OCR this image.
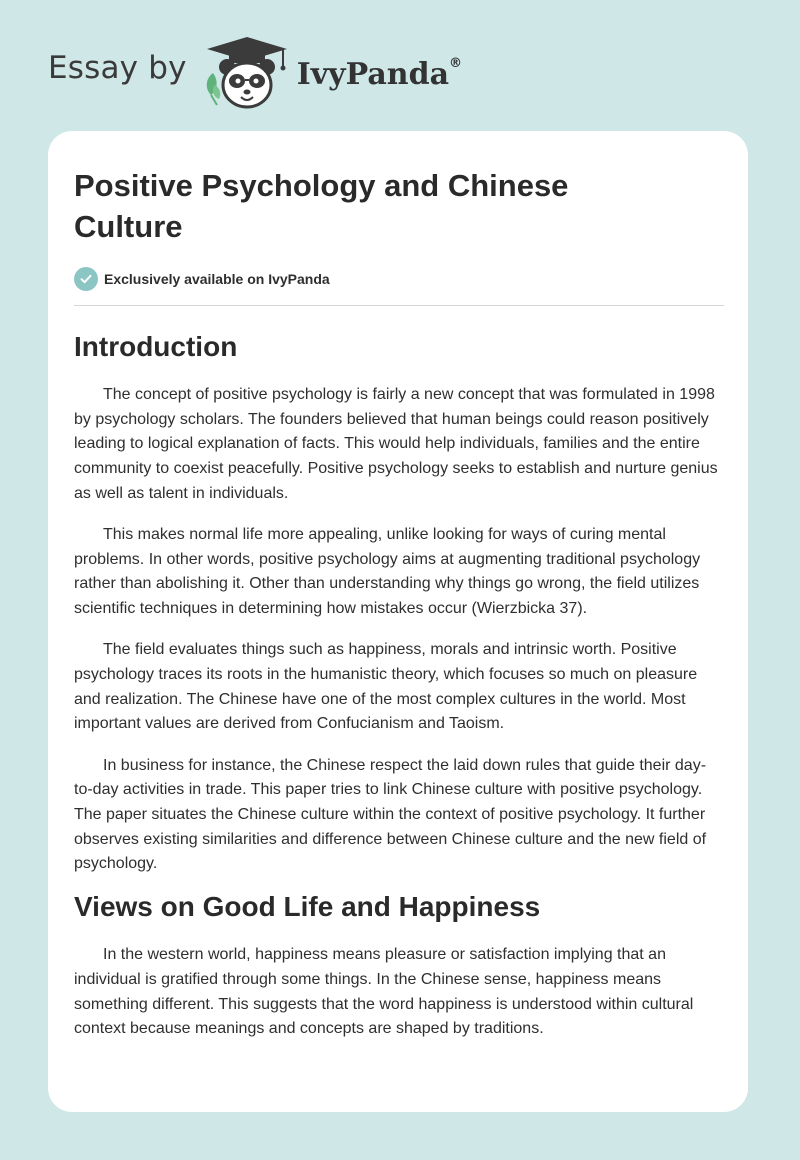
Essay by	IvyPanda®
Positive Psychology and Chinese Culture
Exclusively available on IvyPanda
Introduction

The concept of positive psychology is fairly a new concept that was formulated in 1998 by psychology scholars. The founders believed that human beings could reason positively leading to logical explanation of facts. This would help individuals, families and the entire community to coexist peacefully. Positive psychology seeks to establish and nurture genius as well as talent in individuals.

This makes normal life more appealing, unlike looking for ways of curing mental problems. In other words, positive psychology aims at augmenting traditional psychology rather than abolishing it. Other than understanding why things go wrong, the field utilizes scientific techniques in determining how mistakes occur (Wierzbicka 37).

The field evaluates things such as happiness, morals and intrinsic worth. Positive psychology traces its roots in the humanistic theory, which focuses so much on pleasure and realization. The Chinese have one of the most complex cultures in the world. Most important values are derived from Confucianism and Taoism.

In business for instance, the Chinese respect the laid down rules that guide their day-to-day activities in trade. This paper tries to link Chinese culture with positive psychology. The paper situates the Chinese culture within the context of positive psychology. It further observes existing similarities and difference between Chinese culture and the new field of psychology.

Views on Good Life and Happiness

In the western world, happiness means pleasure or satisfaction implying that an individual is gratified through some things. In the Chinese sense, happiness means something different. This suggests that the word happiness is understood within cultural context because meanings and concepts are shaped by traditions.
